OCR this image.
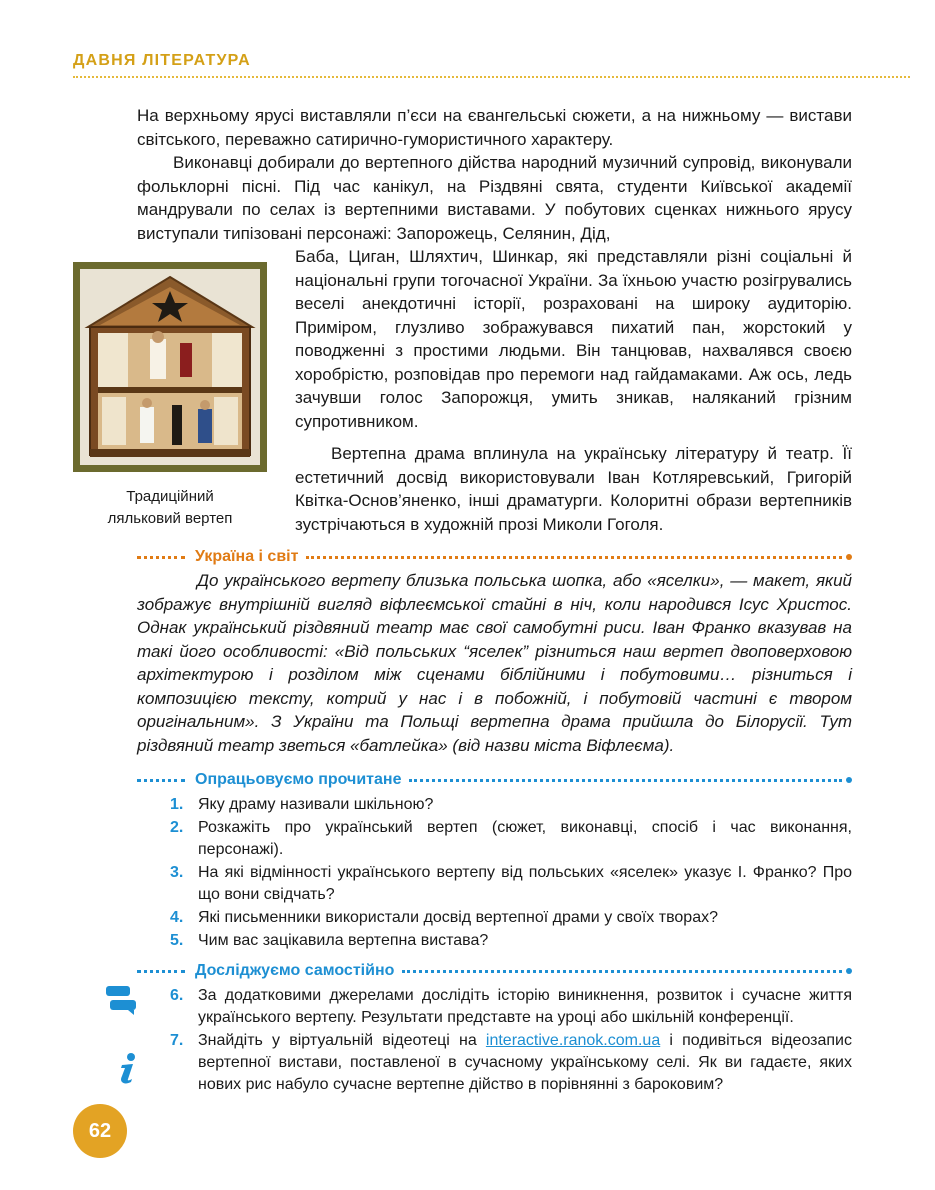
ДАВНЯ ЛІТЕРАТУРА

На верхньому ярусі виставляли п’єси на євангельські сюжети, а на нижньому — вистави світського, переважно сатирично-гумористичного характеру.

Виконавці добирали до вертепного дійства народний музичний супровід, виконували фольклорні пісні. Під час канікул, на Різдвяні свята, студенти Київської академії мандрували по селах із вертепними виставами. У побутових сценках нижнього ярусу виступали типізовані персонажі: Запорожець, Селянин, Дід,

Баба, Циган, Шляхтич, Шинкар, які представляли різні соціальні й національні групи тогочасної України. За їхньою участю розігрувались веселі анекдотичні історії, розраховані на широку аудиторію. Приміром, глузливо зображувався пихатий пан, жорстокий у поводженні з простими людьми. Він танцював, нахвалявся своєю хоробрістю, розповідав про перемоги над гайдамаками. Аж ось, ледь зачувши голос Запорожця, умить зникав, наляканий грізним супротивником.

Вертепна драма вплинула на українську літературу й театр. Її естетичний досвід використовували Іван Котляревський, Григорій Квітка-Основ’яненко, інші драматурги. Колоритні образи вертепників зустрічаються в художній прозі Миколи Гоголя.

Традиційний
ляльковий вертеп
Україна і світ

До українського вертепу близька польська шопка, або «яселки», — макет, який зображує внутрішній вигляд віфлеємської стайні в ніч, коли народився Ісус Христос. Однак український різдвяний театр має свої самобутні риси. Іван Франко вказував на такі його особливості: «Від польських “яселек” різниться наш вертеп двоповерховою архітектурою і розділом між сценами біблійними і побутовими… різниться і композицією тексту, котрий у нас і в побожній, і побутовій частині є твором оригінальним». З України та Польщі вертепна драма прийшла до Білорусії. Тут різдвяний театр зветься «батлейка» (від назви міста Віфлеєма).

Опрацьовуємо прочитане
1. Яку драму називали шкільною?
2. Розкажіть про український вертеп (сюжет, виконавці, спосіб і час виконання, персонажі).
3. На які відмінності українського вертепу від польських «яселек» указує І. Франко? Про що вони свідчать?
4. Які письменники використали досвід вертепної драми у своїх творах?
5. Чим вас зацікавила вертепна вистава?
Досліджуємо самостійно
6. За додатковими джерелами дослідіть історію виникнення, розвиток і сучасне життя українського вертепу. Результати представте на уроці або шкільній конференції.
7. Знайдіть у віртуальній відеотеці на interactive.ranok.com.ua і подивіться відеозапис вертепної вистави, поставленої в сучасному українському селі. Як ви гадаєте, яких нових рис набуло сучасне вертепне дійство в порівнянні з бароковим?
62
